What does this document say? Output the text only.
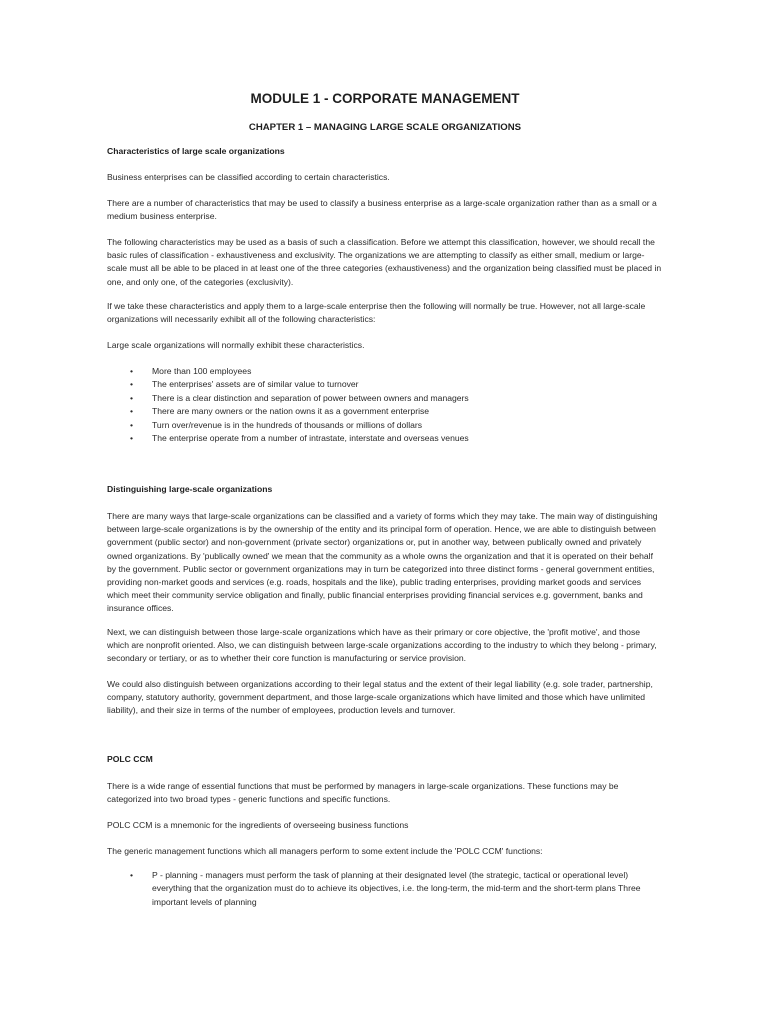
MODULE 1 - CORPORATE MANAGEMENT
CHAPTER 1 – MANAGING LARGE SCALE ORGANIZATIONS
Characteristics of large scale organizations

Business enterprises can be classified according to certain characteristics.

There are a number of characteristics that may be used to classify a business enterprise as a large-scale organization rather than as a small or a medium business enterprise.

The following characteristics may be used as a basis of such a classification. Before we attempt this classification, however, we should recall the basic rules of classification - exhaustiveness and exclusivity. The organizations we are attempting to classify as either small, medium or large-scale must all be able to be placed in at least one of the three categories (exhaustiveness) and the organization being classified must be placed in one, and only one, of the categories (exclusivity).

If we take these characteristics and apply them to a large-scale enterprise then the following will normally be true. However, not all large-scale organizations will necessarily exhibit all of the following characteristics:

Large scale organizations will normally exhibit these characteristics.

• More than 100 employees
• The enterprises' assets are of similar value to turnover
• There is a clear distinction and separation of power between owners and managers
• There are many owners or the nation owns it as a government enterprise
• Turn over/revenue is in the hundreds of thousands or millions of dollars
• The enterprise operate from a number of intrastate, interstate and overseas venues
Distinguishing large-scale organizations

There are many ways that large-scale organizations can be classified and a variety of forms which they may take. The main way of distinguishing between large-scale organizations is by the ownership of the entity and its principal form of operation. Hence, we are able to distinguish between government (public sector) and non-government (private sector) organizations or, put in another way, between publically owned and privately owned organizations. By 'publically owned' we mean that the community as a whole owns the organization and that it is operated on their behalf by the government. Public sector or government organizations may in turn be categorized into three distinct forms - general government entities, providing non-market goods and services (e.g. roads, hospitals and the like), public trading enterprises, providing market goods and services which meet their community service obligation and finally, public financial enterprises providing financial services e.g. government, banks and insurance offices.

Next, we can distinguish between those large-scale organizations which have as their primary or core objective, the 'profit motive', and those which are nonprofit oriented. Also, we can distinguish between large-scale organizations according to the industry to which they belong - primary, secondary or tertiary, or as to whether their core function is manufacturing or service provision.

We could also distinguish between organizations according to their legal status and the extent of their legal liability (e.g. sole trader, partnership, company, statutory authority, government department, and those large-scale organizations which have limited and those which have unlimited liability), and their size in terms of the number of employees, production levels and turnover.

POLC CCM

There is a wide range of essential functions that must be performed by managers in large-scale organizations. These functions may be categorized into two broad types - generic functions and specific functions.

POLC CCM is a mnemonic for the ingredients of overseeing business functions

The generic management functions which all managers perform to some extent include the 'POLC CCM' functions:

• P - planning - managers must perform the task of planning at their designated level (the strategic, tactical or operational level) everything that the organization must do to achieve its objectives, i.e. the long-term, the mid-term and the short-term plans Three important levels of planning
